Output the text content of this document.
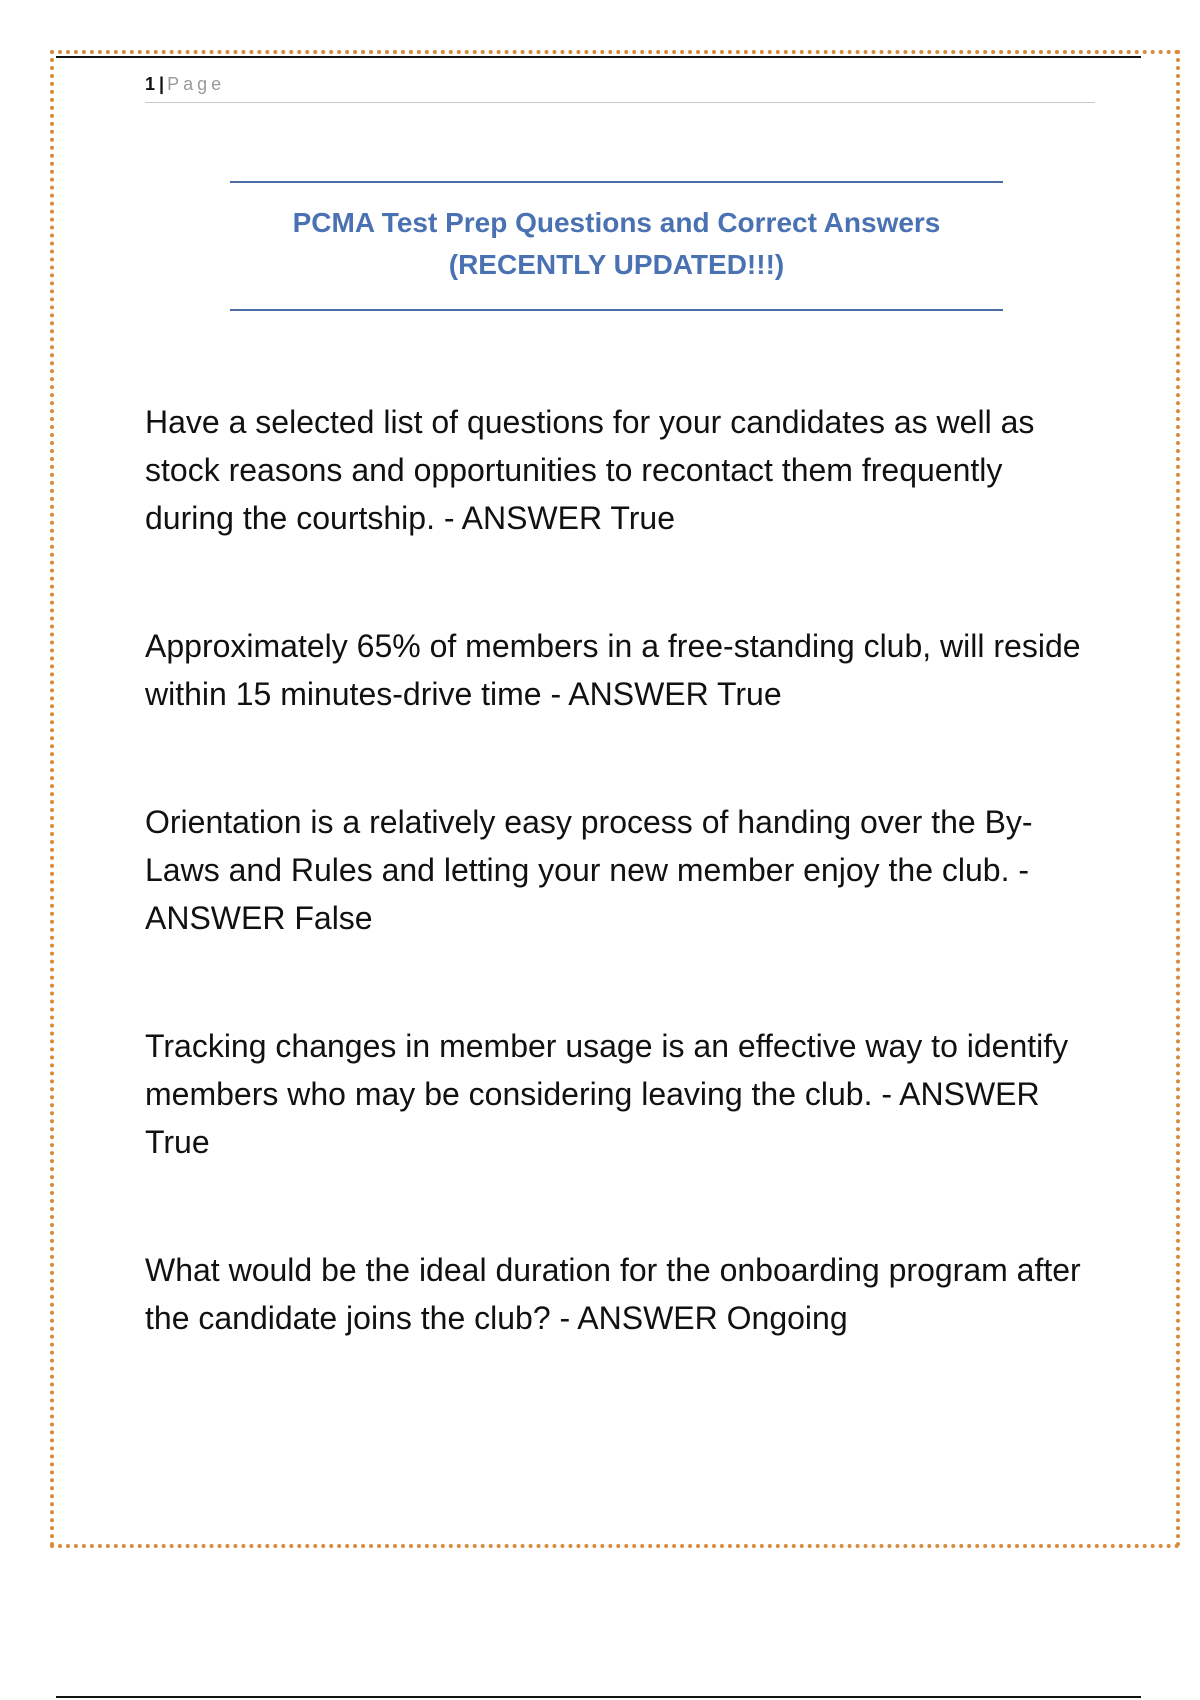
1 | Page
PCMA Test Prep Questions and Correct Answers
(RECENTLY UPDATED!!!)
Have a selected list of questions for your candidates as well as stock reasons and opportunities to recontact them frequently during the courtship. - ANSWER True
Approximately 65% of members in a free-standing club, will reside within 15 minutes-drive time - ANSWER True
Orientation is a relatively easy process of handing over the By-Laws and Rules and letting your new member enjoy the club. - ANSWER False
Tracking changes in member usage is an effective way to identify members who may be considering leaving the club. - ANSWER True
What would be the ideal duration for the onboarding program after the candidate joins the club? - ANSWER Ongoing
